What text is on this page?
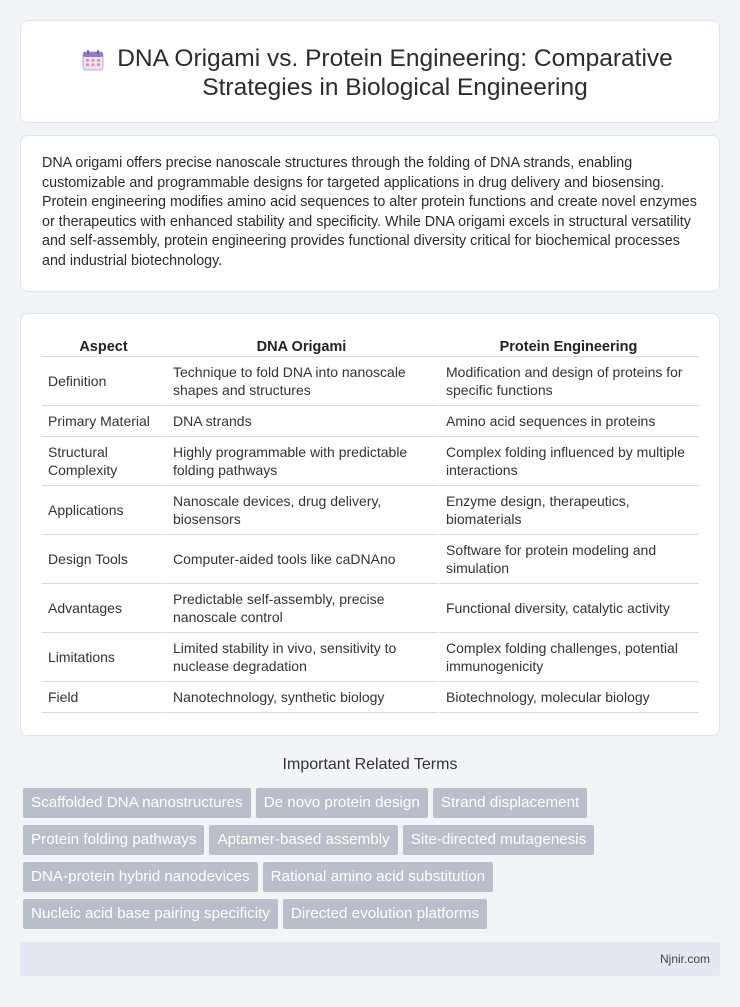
DNA Origami vs. Protein Engineering: Comparative Strategies in Biological Engineering

DNA origami offers precise nanoscale structures through the folding of DNA strands, enabling customizable and programmable designs for targeted applications in drug delivery and biosensing. Protein engineering modifies amino acid sequences to alter protein functions and create novel enzymes or therapeutics with enhanced stability and specificity. While DNA origami excels in structural versatility and self-assembly, protein engineering provides functional diversity critical for biochemical processes and industrial biotechnology.

Aspect	DNA Origami	Protein Engineering
Definition	Technique to fold DNA into nanoscale shapes and structures	Modification and design of proteins for specific functions
Primary Material	DNA strands	Amino acid sequences in proteins
Structural Complexity	Highly programmable with predictable folding pathways	Complex folding influenced by multiple interactions
Applications	Nanoscale devices, drug delivery, biosensors	Enzyme design, therapeutics, biomaterials
Design Tools	Computer-aided tools like caDNAno	Software for protein modeling and simulation
Advantages	Predictable self-assembly, precise nanoscale control	Functional diversity, catalytic activity
Limitations	Limited stability in vivo, sensitivity to nuclease degradation	Complex folding challenges, potential immunogenicity
Field	Nanotechnology, synthetic biology	Biotechnology, molecular biology
Important Related Terms
Scaffolded DNA nanostructures De novo protein design Strand displacement
Protein folding pathways Aptamer-based assembly Site-directed mutagenesis
DNA-protein hybrid nanodevices Rational amino acid substitution
Nucleic acid base pairing specificity Directed evolution platforms
Njnir.com
